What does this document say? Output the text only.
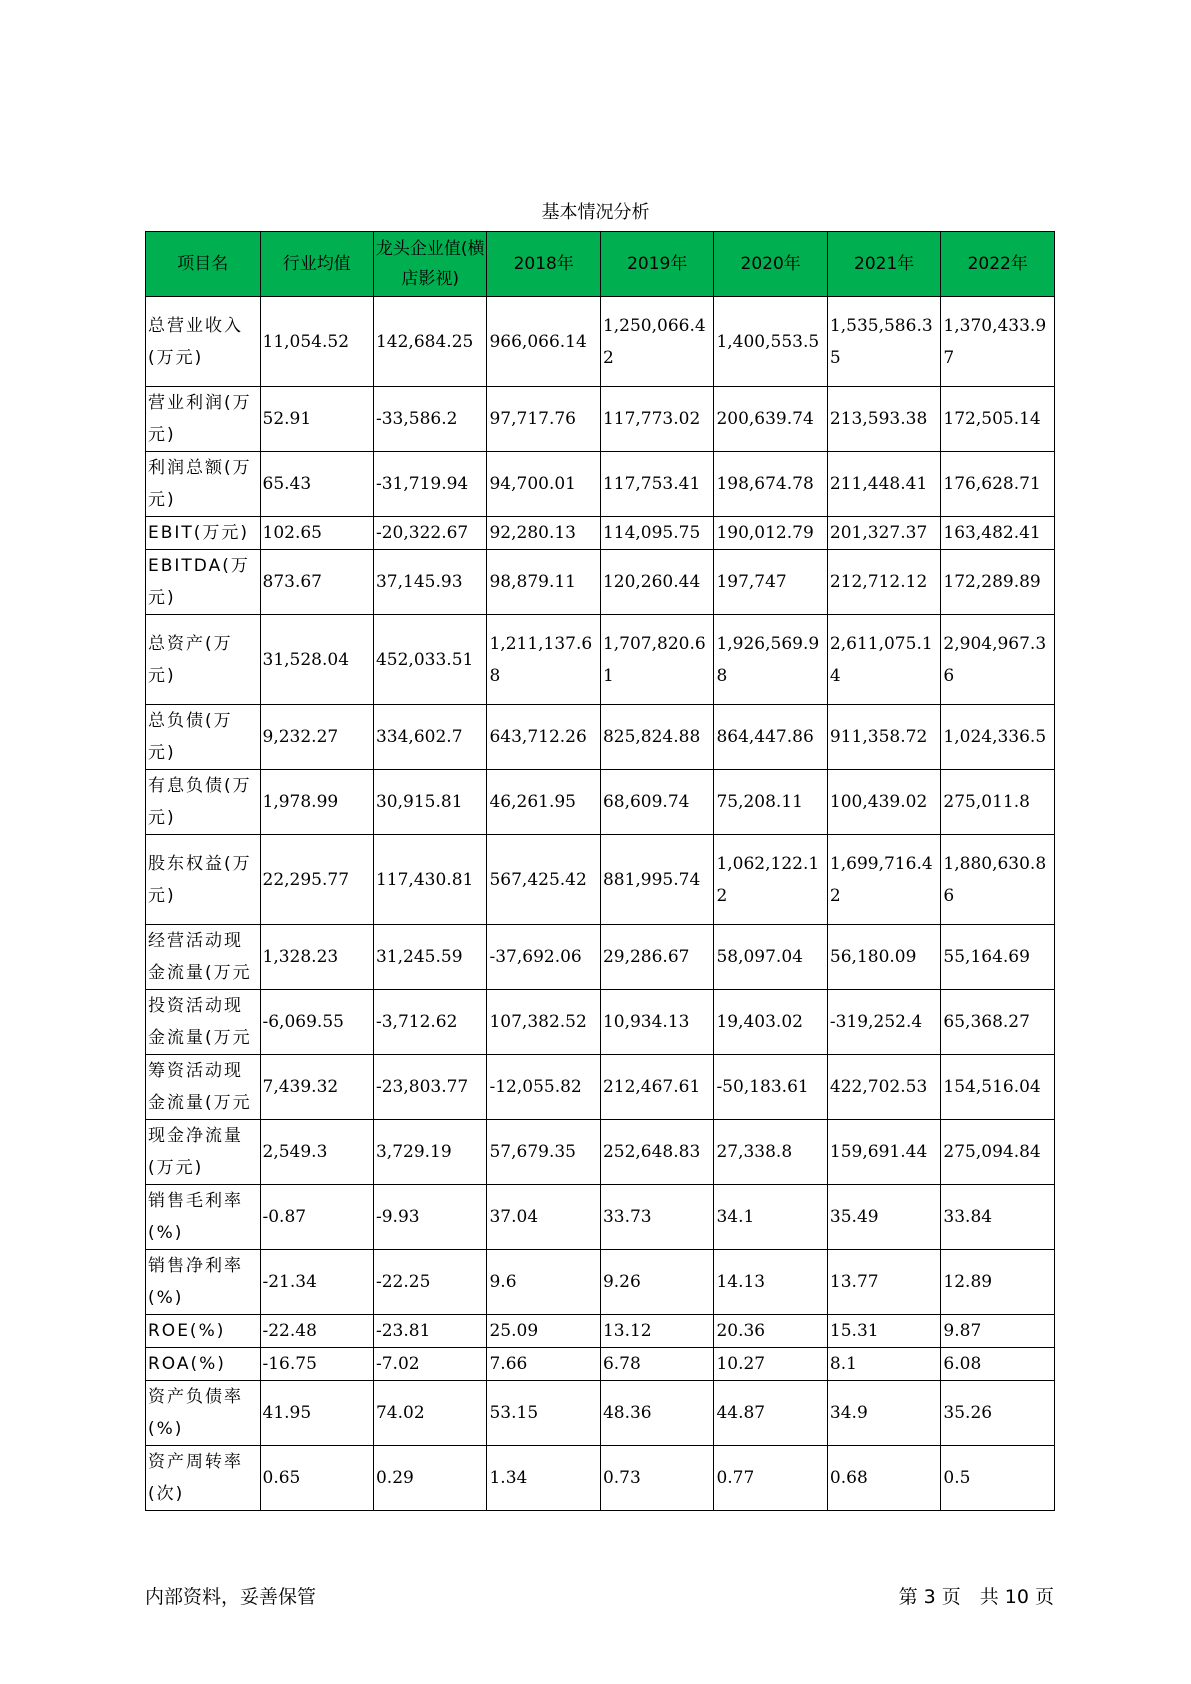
基本情况分析
项目名	行业均值	龙头企业值(横店影视)	2018年	2019年	2020年	2021年	2022年
总营业收入(万元)	11,054.52	142,684.25	966,066.14	1,250,066.42	1,400,553.5	1,535,586.35	1,370,433.97
营业利润(万元)	52.91	-33,586.2	97,717.76	117,773.02	200,639.74	213,593.38	172,505.14
利润总额(万元)	65.43	-31,719.94	94,700.01	117,753.41	198,674.78	211,448.41	176,628.71
EBIT(万元)	102.65	-20,322.67	92,280.13	114,095.75	190,012.79	201,327.37	163,482.41
EBITDA(万元)	873.67	37,145.93	98,879.11	120,260.44	197,747	212,712.12	172,289.89
总资产(万元)	31,528.04	452,033.51	1,211,137.68	1,707,820.61	1,926,569.98	2,611,075.14	2,904,967.36
总负债(万元)	9,232.27	334,602.7	643,712.26	825,824.88	864,447.86	911,358.72	1,024,336.5
有息负债(万元)	1,978.99	30,915.81	46,261.95	68,609.74	75,208.11	100,439.02	275,011.8
股东权益(万元)	22,295.77	117,430.81	567,425.42	881,995.74	1,062,122.12	1,699,716.42	1,880,630.86
经营活动现金流量(万元	1,328.23	31,245.59	-37,692.06	29,286.67	58,097.04	56,180.09	55,164.69
投资活动现金流量(万元	-6,069.55	-3,712.62	107,382.52	10,934.13	19,403.02	-319,252.4	65,368.27
筹资活动现金流量(万元	7,439.32	-23,803.77	-12,055.82	212,467.61	-50,183.61	422,702.53	154,516.04
现金净流量(万元)	2,549.3	3,729.19	57,679.35	252,648.83	27,338.8	159,691.44	275,094.84
销售毛利率(%)	-0.87	-9.93	37.04	33.73	34.1	35.49	33.84
销售净利率(%)	-21.34	-22.25	9.6	9.26	14.13	13.77	12.89
ROE(%)	-22.48	-23.81	25.09	13.12	20.36	15.31	9.87
ROA(%)	-16.75	-7.02	7.66	6.78	10.27	8.1	6.08
资产负债率(%)	41.95	74.02	53.15	48.36	44.87	34.9	35.26
资产周转率(次)	0.65	0.29	1.34	0.73	0.77	0.68	0.5
内部资料，妥善保管	第 3 页　共 10 页
